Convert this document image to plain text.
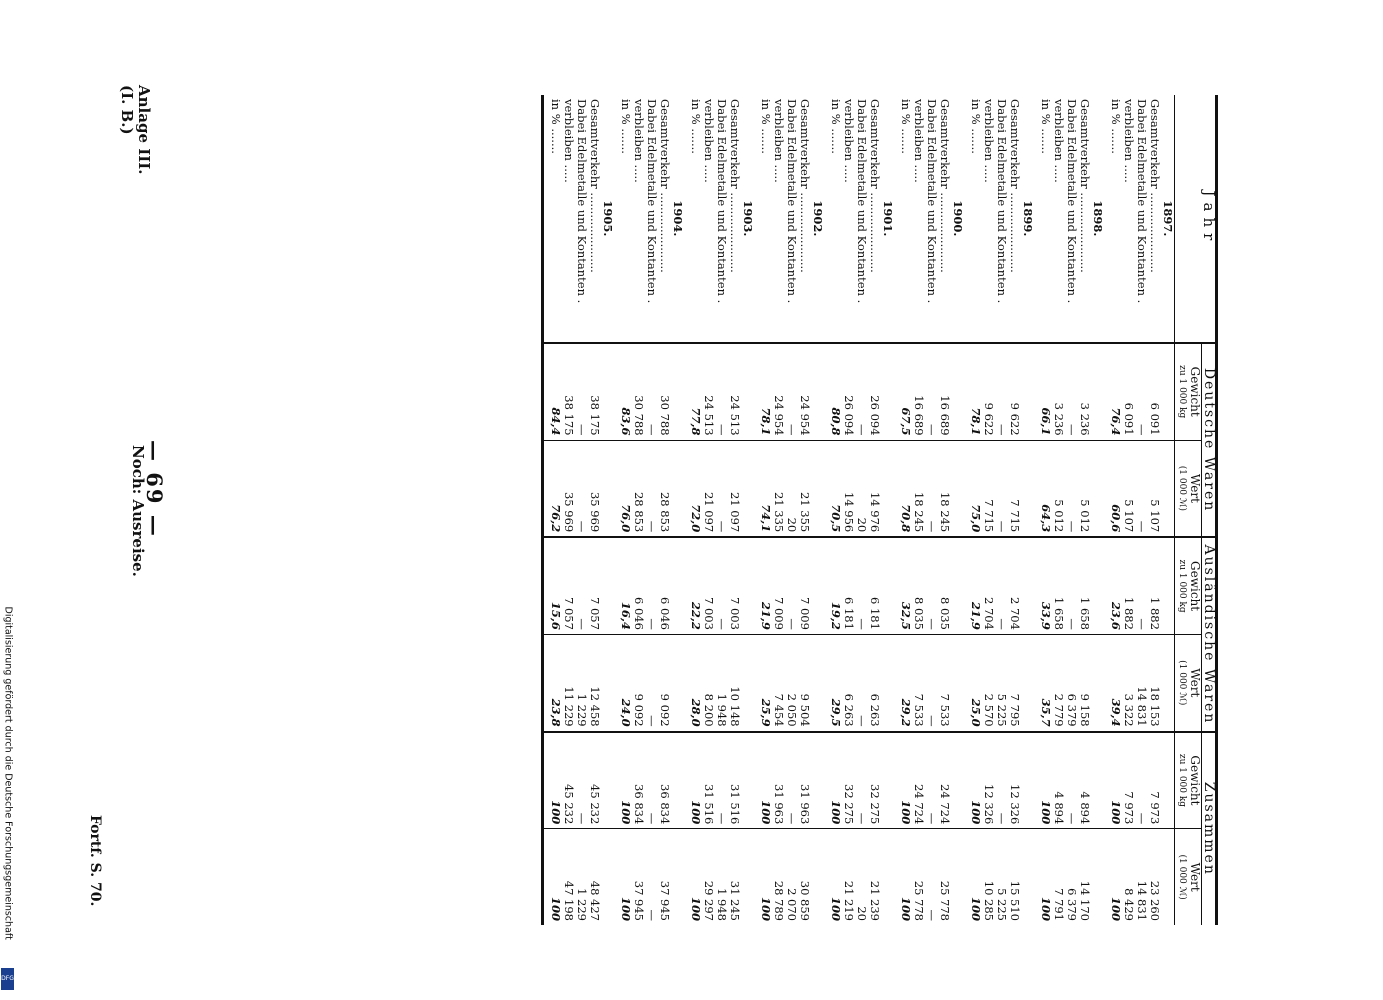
Anlage III.
(I. B.)
— 69 —
Noch: Ausreise.
Jahr	Deutsche Waren		Ausländische Waren		Zusammen	
	Gewicht	Wert	Gewicht	Wert	Gewicht	Wert
	zu 1 000 kg	(1 000 ℳ)	zu 1 000 kg	(1 000 ℳ)	zu 1 000 kg	(1 000 ℳ)
1897.						
Gesamtverkehr ......................	6 091	5 107	1 882	18 153	7 973	23 260
Dabei Edelmetalle und Kontanten .	—	—	—	14 831	—	14 831
verbleiben .....	6 091	5 107	1 882	3 322	7 973	8 429
in % .......	76,4	60,6	23,6	39,4	100	100
1898.						
Gesamtverkehr ......................	3 236	5 012	1 658	9 158	4 894	14 170
Dabei Edelmetalle und Kontanten .	—	—	—	6 379	—	6 379
verbleiben .....	3 236	5 012	1 658	2 779	4 894	7 791
in % .......	66,1	64,3	33,9	35,7	100	100
1899.						
Gesamtverkehr ......................	9 622	7 715	2 704	7 795	12 326	15 510
Dabei Edelmetalle und Kontanten .	—	—	—	5 225	—	5 225
verbleiben .....	9 622	7 715	2 704	2 570	12 326	10 285
in % .......	78,1	75,0	21,9	25,0	100	100
1900.						
Gesamtverkehr ......................	16 689	18 245	8 035	7 533	24 724	25 778
Dabei Edelmetalle und Kontanten .	—	—	—	—	—	—
verbleiben .....	16 689	18 245	8 035	7 533	24 724	25 778
in % .......	67,5	70,8	32,5	29,2	100	100
1901.						
Gesamtverkehr ......................	26 094	14 976	6 181	6 263	32 275	21 239
Dabei Edelmetalle und Kontanten .	—	20	—	—	—	20
verbleiben .....	26 094	14 956	6 181	6 263	32 275	21 219
in % .......	80,8	70,5	19,2	29,5	100	100
1902.						
Gesamtverkehr ......................	24 954	21 355	7 009	9 504	31 963	30 859
Dabei Edelmetalle und Kontanten .	—	20	—	2 050	—	2 070
verbleiben .....	24 954	21 335	7 009	7 454	31 963	28 789
in % .......	78,1	74,1	21,9	25,9	100	100
1903.						
Gesamtverkehr ......................	24 513	21 097	7 003	10 148	31 516	31 245
Dabei Edelmetalle und Kontanten .	—	—	—	1 948	—	1 948
verbleiben .....	24 513	21 097	7 003	8 200	31 516	29 297
in % .......	77,8	72,0	22,2	28,0	100	100
1904.						
Gesamtverkehr ......................	30 788	28 853	6 046	9 092	36 834	37 945
Dabei Edelmetalle und Kontanten .	—	—	—	—	—	—
verbleiben .....	30 788	28 853	6 046	9 092	36 834	37 945
in % .......	83,6	76,0	16,4	24,0	100	100
1905.						
Gesamtverkehr ......................	38 175	35 969	7 057	12 458	45 232	48 427
Dabei Edelmetalle und Kontanten .	—	—	—	1 229	—	1 229
verbleiben .....	38 175	35 969	7 057	11 229	45 232	47 198
in % .......	84,4	76,2	15,6	23,8	100	100
Fortf. S. 70.
Digitalisierung gefördert durch die Deutsche Forschungsgemeinschaft
DFG
